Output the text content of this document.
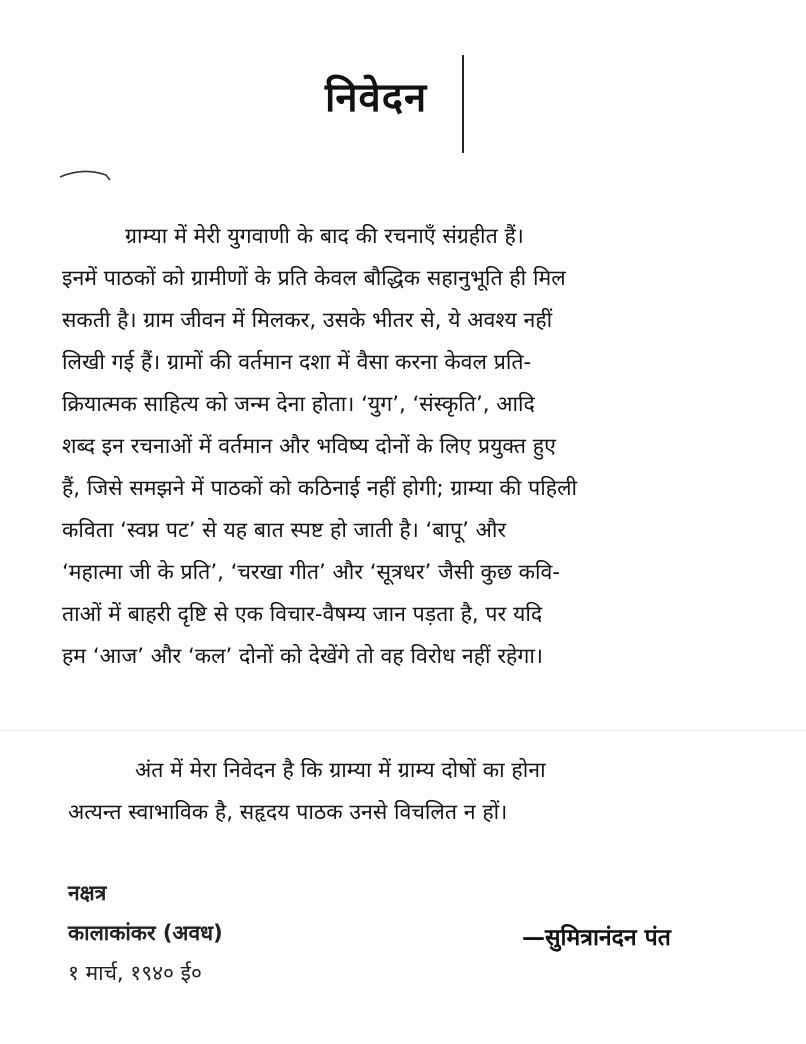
निवेदन

ग्राम्या में मेरी युगवाणी के बाद की रचनाएँ संग्रहीत हैं।

इनमें पाठकों को ग्रामीणों के प्रति केवल बौद्धिक सहानुभूति ही मिल

सकती है। ग्राम जीवन में मिलकर, उसके भीतर से, ये अवश्य नहीं

लिखी गई हैं। ग्रामों की वर्तमान दशा में वैसा करना केवल प्रति-

क्रियात्मक साहित्य को जन्म देना होता। ‘युग’, ‘संस्कृति’, आदि

शब्द इन रचनाओं में वर्तमान और भविष्य दोनों के लिए प्रयुक्त हुए

हैं, जिसे समझने में पाठकों को कठिनाई नहीं होगी; ग्राम्या की पहिली

कविता ‘स्वप्न पट’ से यह बात स्पष्ट हो जाती है। ‘बापू’ और

‘महात्मा जी के प्रति’, ‘चरखा गीत’ और ‘सूत्रधर’ जैसी कुछ कवि-

ताओं में बाहरी दृष्टि से एक विचार-वैषम्य जान पड़ता है, पर यदि

हम ‘आज’ और ‘कल’ दोनों को देखेंगे तो वह विरोध नहीं रहेगा।

अंत में मेरा निवेदन है कि ग्राम्या में ग्राम्य दोषों का होना

अत्यन्त स्वाभाविक है, सहृदय पाठक उनसे विचलित न हों।

नक्षत्र
कालाकांकर (अवध)
१ मार्च, १९४० ई०
—सुमित्रानंदन पंत
